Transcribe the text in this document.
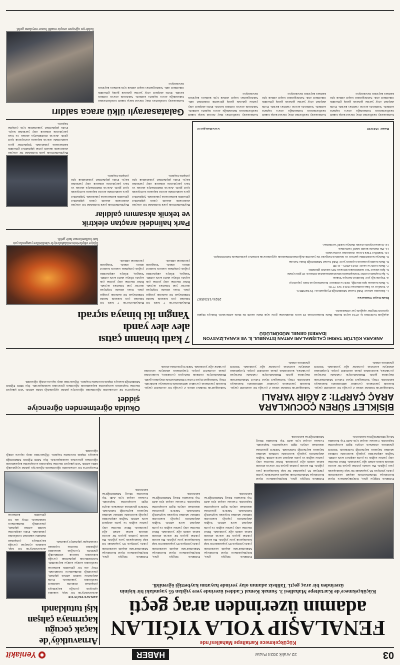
03
22 Aralık 2024 Pazar
HABER
Yeniakit
Küçükçekmece Kartaltepe Mahallesi'nde
FENALAŞIP YOLA YIĞILAN
adamın üzerinden araç geçti
Küçükçekmece'de Kartaltepe Mahallesi 3. Sumak Kemal Caddesi üzerinde yere yığılan 65 yaşındaki bir kişinin üzerinden bir araç geçti. Talihsiz adamın olay yerinde hayatını kaybettiği öğrenildi.
Arnavutköy'de
kaçak çocuğu
kaçırmaya çalışan
kişi tutuklandı
ARNAVUTKÖY'DE
Arnavutköy'de bir kişi, sokakta oynayan çocuğu kaçırmaya çalışırken mahalle sakinleri tarafından yakalandı. Polis ekiplerine teslim edilen şüpheli, çıkarıldığı mahkemece tutuklandı. Olay anı bir güvenlik kamerası tarafından saniye saniye kaydedildi. Görüntülerde şüphelinin çocuğu kolundan tutarak sürüklediği görüldü. Çocuğun annesinin çığlıkları üzerine toplanan vatandaşlar şüpheliyi yakaladı.
Arnavutköy'de bir kişi, sokakta oynayan çocuğu kaçırmaya çalışırken mahalle sakinleri tarafından yakalandı. Polis ekiplerine teslim edilen şüpheli, çıkarıldığı mahkemece tutuklandı. Olay anı bir güvenlik kamerası
Edinilen bilgiye göre, Küçükçekmece ilçesi Kartaltepe Mahallesi'nde akşam saatlerinde yolda yürüyen 65 yaşındaki bir kişi fenalaşarak yere yığıldı. Bu sırada yoldan geçen bir aracın altında kalan adam ağır yaralandı. İhbar üzerine olay yerine sağlık ve polis ekipleri sevk edildi. Sağlık ekiplerinin yaptığı kontrolde talihsiz adamın hayatını kaybettiği belirlendi. Sürücü gözaltına alınırken olayla ilgili soruşturma başlatıldı. Cenaze otopsi için Adli Tıp Kurumu Morg Müdürlüğü'ne kaldırıldı.
Edinilen bilgiye göre, Küçükçekmece ilçesi Kartaltepe Mahallesi'nde akşam saatlerinde yolda yürüyen 65 yaşındaki bir kişi fenalaşarak yere yığıldı. Bu sırada yoldan geçen bir aracın altında kalan adam ağır yaralandı. İhbar üzerine olay yerine sağlık ve polis ekipleri sevk edildi. Sağlık ekiplerinin yaptığı kontrolde talihsiz adamın hayatını kaybettiği belirlendi. Sürücü gözaltına alınırken olayla ilgili soruşturma başlatıldı. Cenaze otopsi için Adli Tıp Kurumu Morg Müdürlüğü'ne kaldırıldı.
Edinilen bilgiye göre, Küçükçekmece ilçesi Kartaltepe Mahallesi'nde akşam saatlerinde yolda yürüyen 65 yaşındaki bir kişi fenalaşarak yere yığıldı. Bu sırada yoldan geçen bir aracın altında kalan adam ağır yaralandı. İhbar üzerine olay yerine sağlık ve polis ekipleri sevk edildi. Sağlık ekiplerinin yaptığı kontrolde talihsiz adamın hayatını kaybettiği belirlendi. Sürücü gözaltına alınırken olayla ilgili soruşturma başlatıldı. Cenaze otopsi için Adli Tıp Kurumu Morg Müdürlüğü'ne kaldırıldı.
Edinilen bilgiye göre, Küçükçekmece ilçesi Kartaltepe Mahallesi'nde akşam saatlerinde yolda yürüyen 65 yaşındaki bir kişi fenalaşarak yere yığıldı. Bu sırada yoldan geçen bir aracın altında kalan adam ağır yaralandı. İhbar üzerine olay yerine sağlık ve polis ekipleri sevk edildi. Sağlık ekiplerinin yaptığı kontrolde talihsiz adamın hayatını kaybettiği belirlendi. Sürücü gözaltına alınırken olayla ilgili soruşturma başlatıldı. Cenaze otopsi için Adli Tıp Kurumu Morg Müdürlüğü'ne kaldırıldı.
Edinilen bilgiye göre, Küçükçekmece ilçesi Kartaltepe Mahallesi'nde akşam saatlerinde yolda yürüyen 65 yaşındaki bir kişi fenalaşarak yere yığıldı. Bu sırada yoldan geçen bir aracın altında kalan adam ağır yaralandı. İhbar üzerine olay yerine sağlık ve polis ekipleri sevk edildi. Sağlık ekiplerinin yaptığı kontrolde talihsiz adamın hayatını kaybettiği belirlendi. Sürücü gözaltına alınırken olayla ilgili soruşturma başlatıldı. Cenaze otopsi için Adli Tıp Kurumu Morg Müdürlüğü'ne kaldırıldı.
Esenyurt'ta bir ortaokulda öğretmenin öğrenciye şiddet uyguladığı iddia edildi. Veli şikayeti üzerine başlatılan soruşturma kapsamında öğretmen görevden uzaklaştırıldı. İlçe Milli Eğitim Müdürlüğü konuya ilişkin inceleme başlattı. Öğrencinin darp raporu aldığı öğrenildi.
BİSİKLET SÜREN ÇOCUKLARA
ARAÇ ÇARPTI: 2 AĞIR YARALI
Sultangazi'de bisiklet süren 2 çocuğa bir otomobil çarptı. Kazada yaralanan çocuklar ambulansla hastaneye kaldırıldı. Olay, Sultangazi ilçesi Cebeci Mahallesi'nde meydana geldi. Bisikletleriyle caddede ilerleyen çocuklara, kontrolden çıkan otomobil çarptı. Çarpmanın etkisiyle savrulan çocuklar ağır yaralandı. Sürücü gözaltına alındı.
Sultangazi'de bisiklet süren 2 çocuğa bir otomobil çarptı. Kazada yaralanan çocuklar ambulansla hastaneye kaldırıldı. Olay, Sultangazi ilçesi Cebeci Mahallesi'nde meydana geldi. Bisikletleriyle caddede ilerleyen çocuklara, kontrolden çıkan otomobil çarptı. Çarpmanın etkisiyle savrulan çocuklar ağır yaralandı. Sürücü gözaltına alındı.
Sultangazi'de bisiklet süren 2 çocuğa bir otomobil çarptı. Kazada yaralanan çocuklar ambulansla hastaneye kaldırıldı. Olay, Sultangazi ilçesi Cebeci Mahallesi'nde meydana geldi. Bisikletleriyle caddede ilerleyen çocuklara, kontrolden çıkan otomobil çarptı. Çarpmanın etkisiyle savrulan çocuklar ağır yaralandı. Sürücü gözaltına alındı.
Okulda öğretmenden öğrenciye şiddet
Esenyurt'ta bir ortaokulda öğretmenin öğrenciye şiddet uyguladığı iddia edildi. Veli şikayeti üzerine başlatılan soruşturma kapsamında öğretmen görevden uzaklaştırıldı. İlçe Milli Eğitim Müdürlüğü konuya ilişkin inceleme başlattı. Öğrencinin darp raporu aldığı öğrenildi.
ANKARA KÜLTÜR TARIHI ÇALIŞMALARI ARTAN İSTANBUL İL VE KANALİZASYON İDARESİ GENEL MÜDÜRLÜĞÜ
Aşağıda belirtilen iş 4734 sayılı Kamu İhale Kanunu'nun 19 uncu maddesine göre açık ihale usulü ile ihale edilecektir. İhaleye ilişkin ayrıntılı bilgiler aşağıda yer almaktadır.
İhale Kayıt Numarası
2024/1534567
1- İdarenin adresi: İSKİ Genel Müdürlüğü Eyüpsultan / İSTANBUL
2- Telefon ve faks numarası: 0212 321 77 01
3- İhale konusu işin niteliği, türü ve miktarı: Kanalizasyon hattı yapım işi
4- Yapılacağı yer: İstanbul Avrupa Yakası
5- İşe başlama tarihi: Sözleşmenin imzalanmasından itibaren 10 gün içinde
6- İşin süresi: Yer tesliminden itibaren 365 takvim günüdür.
7- İhale tarih ve saati: 16.01.2025 - 11:00
8- İhale komisyonunun toplantı yeri: İSKİ Genel Müdürlüğü İhale Salonu
9- İhaleye katılabilme şartları ve istenilen belgeler ile yeterlik değerlendirmesinde uygulanacak kriterler şartnamede belirtilmiştir.
10- Teklifler Türk Lirası cinsinden verilecektir.
11- Bu ihalede kısmi teklif verilemez.
12- Konsorsiyum olarak ihaleye teklif verilemez.
Basın: 1543210
www.ilan.gov.tr
7 katlı binanın çatısı
alev alev yandı
Yangın iki binaya sıçradı
İtfaiye ekiplerinin müdahalesiyle söndürülen yangında çatı katı kullanılamaz hale geldi.
Bahçelievler'de 7 katlı bir binanın çatı katında henüz bilinmeyen bir nedenle yangın çıktı. Kısa sürede büyüyen alevler yan binalara sıçradı. İhbar üzerine olay yerine çok sayıda itfaiye ekibi sevk edildi. Yangın, itfaiye ekiplerinin yoğun çalışması sonucu kontrol altına alındı. Yangında yaralanan olmadı.
Bahçelievler'de 7 katlı bir binanın çatı katında henüz bilinmeyen bir nedenle yangın çıktı. Kısa sürede büyüyen alevler yan binalara sıçradı. İhbar üzerine olay yerine çok sayıda itfaiye ekibi sevk edildi. Yangın, itfaiye ekiplerinin yoğun çalışması sonucu kontrol altına alındı. Yangında yaralanan olmadı.
Park halindeki araçtan elektrik
ve teknik aksamını çaldılar
Beylikdüzü'nde park halindeki bir araçtan elektronik aksam çalan şüpheliler güvenlik kamerasına yakalandı. Şüpheliler gece saatlerinde aracın kapısını zorlayarak içeri girdi. Aracın multimedya ekranı ve bazı parçalarını sökerek olay yerinden kaçtı. Polis şüphelileri yakalamak için çalışma başlattı.
Beylikdüzü'nde park halindeki bir araçtan elektronik aksam çalan şüpheliler güvenlik kamerasına yakalandı. Şüpheliler gece saatlerinde aracın kapısını zorlayarak içeri girdi. Aracın multimedya ekranı ve bazı parçalarını sökerek olay yerinden kaçtı. Polis şüphelileri yakalamak için çalışma başlattı.
Beylikdüzü'nde park halindeki bir araçtan elektronik aksam çalan şüpheliler güvenlik kamerasına yakalandı. Şüpheliler gece saatlerinde aracın kapısını zorlayarak içeri girdi. Aracın multimedya ekranı ve bazı parçalarını sökerek olay yerinden kaçtı. Polis şüphelileri yakalamak için çalışma başlattı.
Galatasaraylı ülkü araca saldırı
Saldırıya uğrayan araçta maddi hasar meydana geldi.
Galatasaray taraftarları maç öncesi karşı takım taraftarlarının bulunduğu araca taşlarla saldırdı. Saldırıda aracın camları kırıldı. Polis ekipleri olay yerine gelerek geniş güvenlik önlemleri aldı. Saldırganları tespit etmek için kamera kayıtları inceleniyor.
Galatasaray taraftarları maç öncesi karşı takım taraftarlarının bulunduğu araca taşlarla saldırdı. Saldırıda aracın camları kırıldı. Polis ekipleri olay yerine gelerek geniş güvenlik önlemleri aldı. Saldırganları tespit etmek için kamera kayıtları inceleniyor.
Galatasaray taraftarları maç öncesi karşı takım taraftarlarının bulunduğu araca taşlarla saldırdı. Saldırıda aracın camları kırıldı. Polis ekipleri olay yerine gelerek geniş güvenlik önlemleri aldı. Saldırganları tespit etmek için kamera kayıtları inceleniyor.
Galatasaray taraftarları maç öncesi karşı takım taraftarlarının bulunduğu araca taşlarla saldırdı. Saldırıda aracın camları kırıldı. Polis ekipleri olay yerine gelerek geniş güvenlik önlemleri aldı. Saldırganları tespit etmek için kamera kayıtları inceleniyor.
